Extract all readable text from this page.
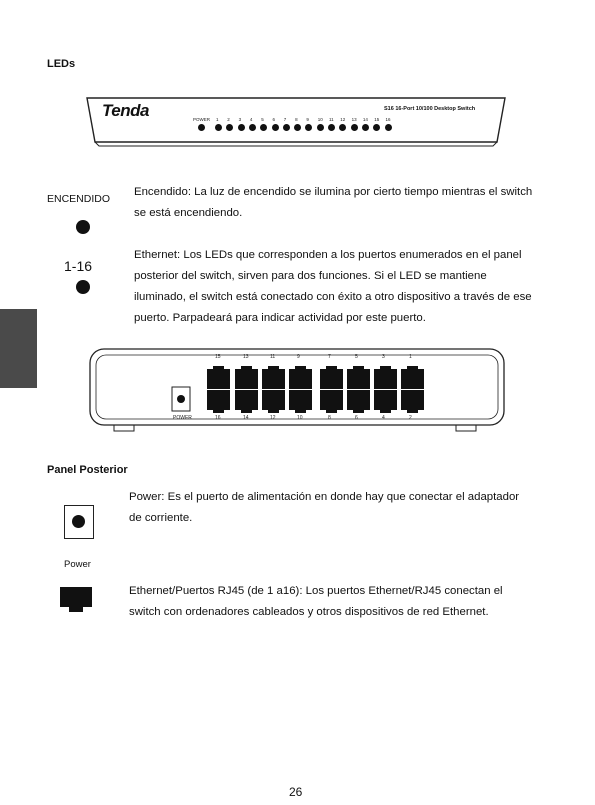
LEDs
Tenda	S16 16-Port 10/100 Desktop Switch
POWER 1 2 3 4 5 6 7 8 9 10 11 12 13 14 15 16
ENCENDIDO
Encendido: La luz de encendido se ilumina por cierto tiempo mientras el switch
se está encendiendo.
1-16
Ethernet: Los LEDs que corresponden a los puertos enumerados en el panel
posterior del switch, sirven para dos funciones. Si el LED se mantiene
iluminado, el switch está conectado con éxito a otro dispositivo a través de ese
puerto. Parpadeará para indicar actividad por este puerto.
15	13	11	9	7	5	3	1
16	14	12	10	8	6	4	2
POWER
Panel Posterior
Power
Power: Es el puerto de alimentación en donde hay que conectar el adaptador
de corriente.
Ethernet/Puertos RJ45 (de 1 a16): Los puertos Ethernet/RJ45 conectan el
switch con ordenadores cableados y otros dispositivos de red Ethernet.
26
